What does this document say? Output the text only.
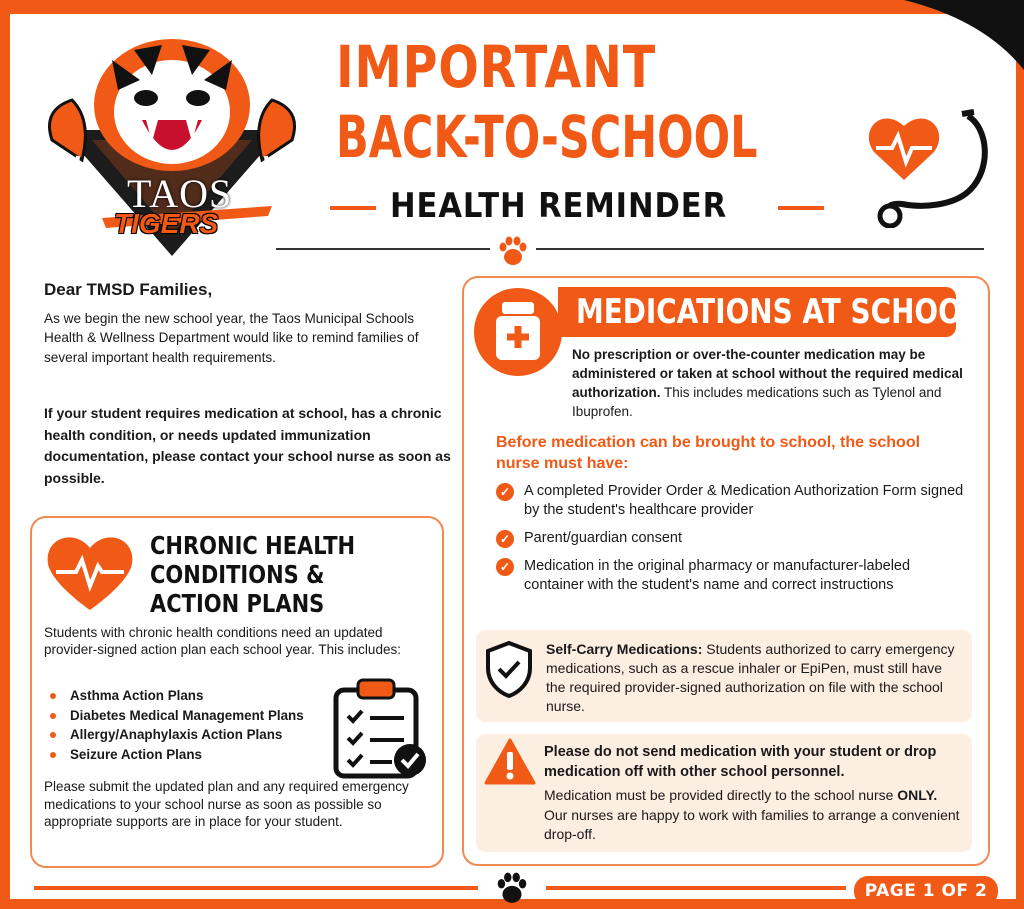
TAOS
TIGERS
IMPORTANT
BACK-TO-SCHOOL
HEALTH REMINDER
Dear TMSD Families,
As we begin the new school year, the Taos Municipal Schools Health & Wellness Department would like to remind families of several important health requirements.
If your student requires medication at school, has a chronic health condition, or needs updated immunization documentation, please contact your school nurse as soon as possible.
CHRONIC HEALTH
CONDITIONS &
ACTION PLANS
Students with chronic health conditions need an updated provider-signed action plan each school year. This includes:
Asthma Action Plans
Diabetes Medical Management Plans
Allergy/Anaphylaxis Action Plans
Seizure Action Plans
Please submit the updated plan and any required emergency medications to your school nurse as soon as possible so appropriate supports are in place for your student.
MEDICATIONS AT SCHOOL
No prescription or over-the-counter medication may be administered or taken at school without the required medical authorization. This includes medications such as Tylenol and Ibuprofen.
Before medication can be brought to school, the school nurse must have:
✓ A completed Provider Order & Medication Authorization Form signed by the student's healthcare provider
✓ Parent/guardian consent
✓ Medication in the original pharmacy or manufacturer-labeled container with the student's name and correct instructions
Self-Carry Medications: Students authorized to carry emergency medications, such as a rescue inhaler or EpiPen, must still have the required provider-signed authorization on file with the school nurse.
Please do not send medication with your student or drop medication off with other school personnel.
Medication must be provided directly to the school nurse ONLY. Our nurses are happy to work with families to arrange a convenient drop-off.
PAGE 1 OF 2
